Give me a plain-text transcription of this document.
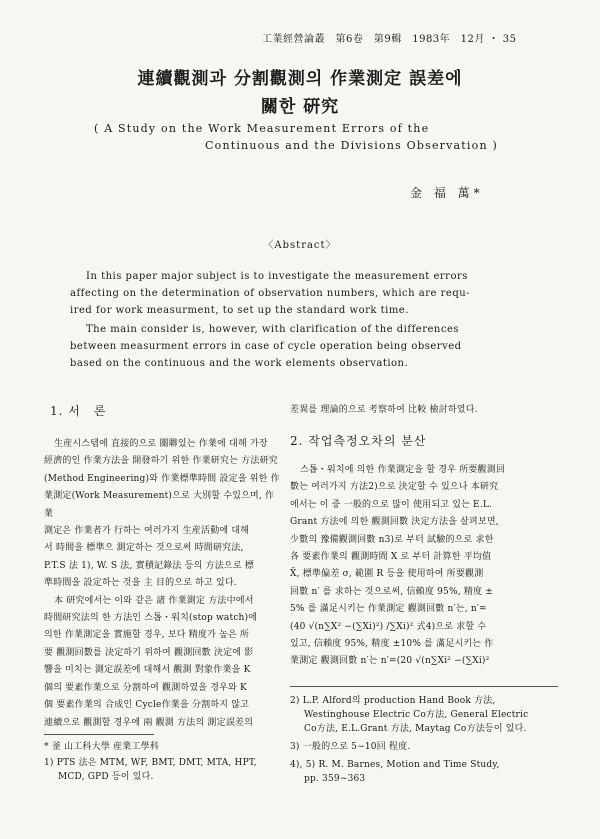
工業經營論叢　第6卷　第9輯　1983年　12月 ・ 35
連續觀測과 分割觀測의 作業測定 誤差에
關한 硏究
( A Study on the Work Measurement Errors of the
Continuous and the Divisions Observation )
金 福 萬*
〈Abstract〉

In this paper major subject is to investigate the measurement errors

affecting on the determination of observation numbers, which are requ-

ired for work measurment, to set up the standard work time.

The main consider is, however, with clarification of the differences

between measurment errors in case of cycle operation being observed

based on the continuous and the work elements observation.

1. 서　론

生産시스템에 直接的으로 關聯있는 作業에 대해 가장

經濟的인 作業方法을 開發하기 위한 作業研究는 方法研究

(Method Engineering)와 作業標準時間 設定을 위한 作

業測定(Work Measurement)으로 大別할 수있으며, 作業

測定은 作業者가 行하는 여러가지 生産活動에 대해

서 時間을 標準으 測定하는 것으로써 時間研究法,

P.T.S 法 1), W. S 法, 實積記錄法 등의 方法으로 標

準時間을 設定하는 것을 主 目的으로 하고 있다.

本 研究에서는 이와 같은 諸 作業測定 方法中에서

時間研究法의 한 方法인 스톱・워치(stop watch)에

의한 作業測定을 實施할 경우, 보다 精度가 높은 所

要 觀測回數를 決定하기 위하여 觀測回數 決定에 影

響을 미치는 測定誤差에 대해서 觀測 對象作業을 K

個의 要素作業으로 分割하여 觀測하였을 경우와 K

個 要素作業의 合成인 Cycle作業을 分割하지 않고

連續으로 觀測할 경우에 兩 觀測 方法의 測定誤差의

* 釜 山工科大學 産業工學科

1) PTS 法은 MTM, WF, BMT, DMT, MTA, HPT,

MCD, GPD 등이 있다.

差異를 理論的으로 考察하여 比較 檢討하였다.
2. 작업측정오차의 분산

스톱・워치에 의한 作業測定을 할 경우 所要觀測回

數는 여러가지 方法2)으로 決定할 수 있으나 本研究

에서는 이 중 一般的으로 많이 使用되고 있는 E.L.

Grant 方法에 의한 觀測回數 決定方法을 살펴보면,

少數의 豫備觀測回數 n3)로 부터 試驗的으로 求한

各 要素作業의 觀測時間 X 로 부터 計算한 平均值

X̄, 標準偏差 σ, 範圍 R 등을 使用하여 所要觀測

回數 n′ 를 求하는 것으로써, 信賴度 95%, 精度 ±

5% 를 滿足시키는 作業測定 觀測回數 n′는, n′=

(40 √(n∑X² −(∑Xi)²) /∑Xi)² 式4)으로 求할 수

있고, 信賴度 95%, 精度 ±10% 를 滿足시키는 作

業測定 觀測回數 n′는 n′=(20 √(n∑Xi² −(∑Xi)²

2) L.P. Alford의 production Hand Book 方法,

Westinghouse Electric Co方法, General Electric

Co方法, E.L.Grant 方法, Maytag Co方法등이 있다.

3) 一般的으로 5∼10回 程度.

4), 5) R. M. Barnes, Motion and Time Study,

pp. 359∼363
